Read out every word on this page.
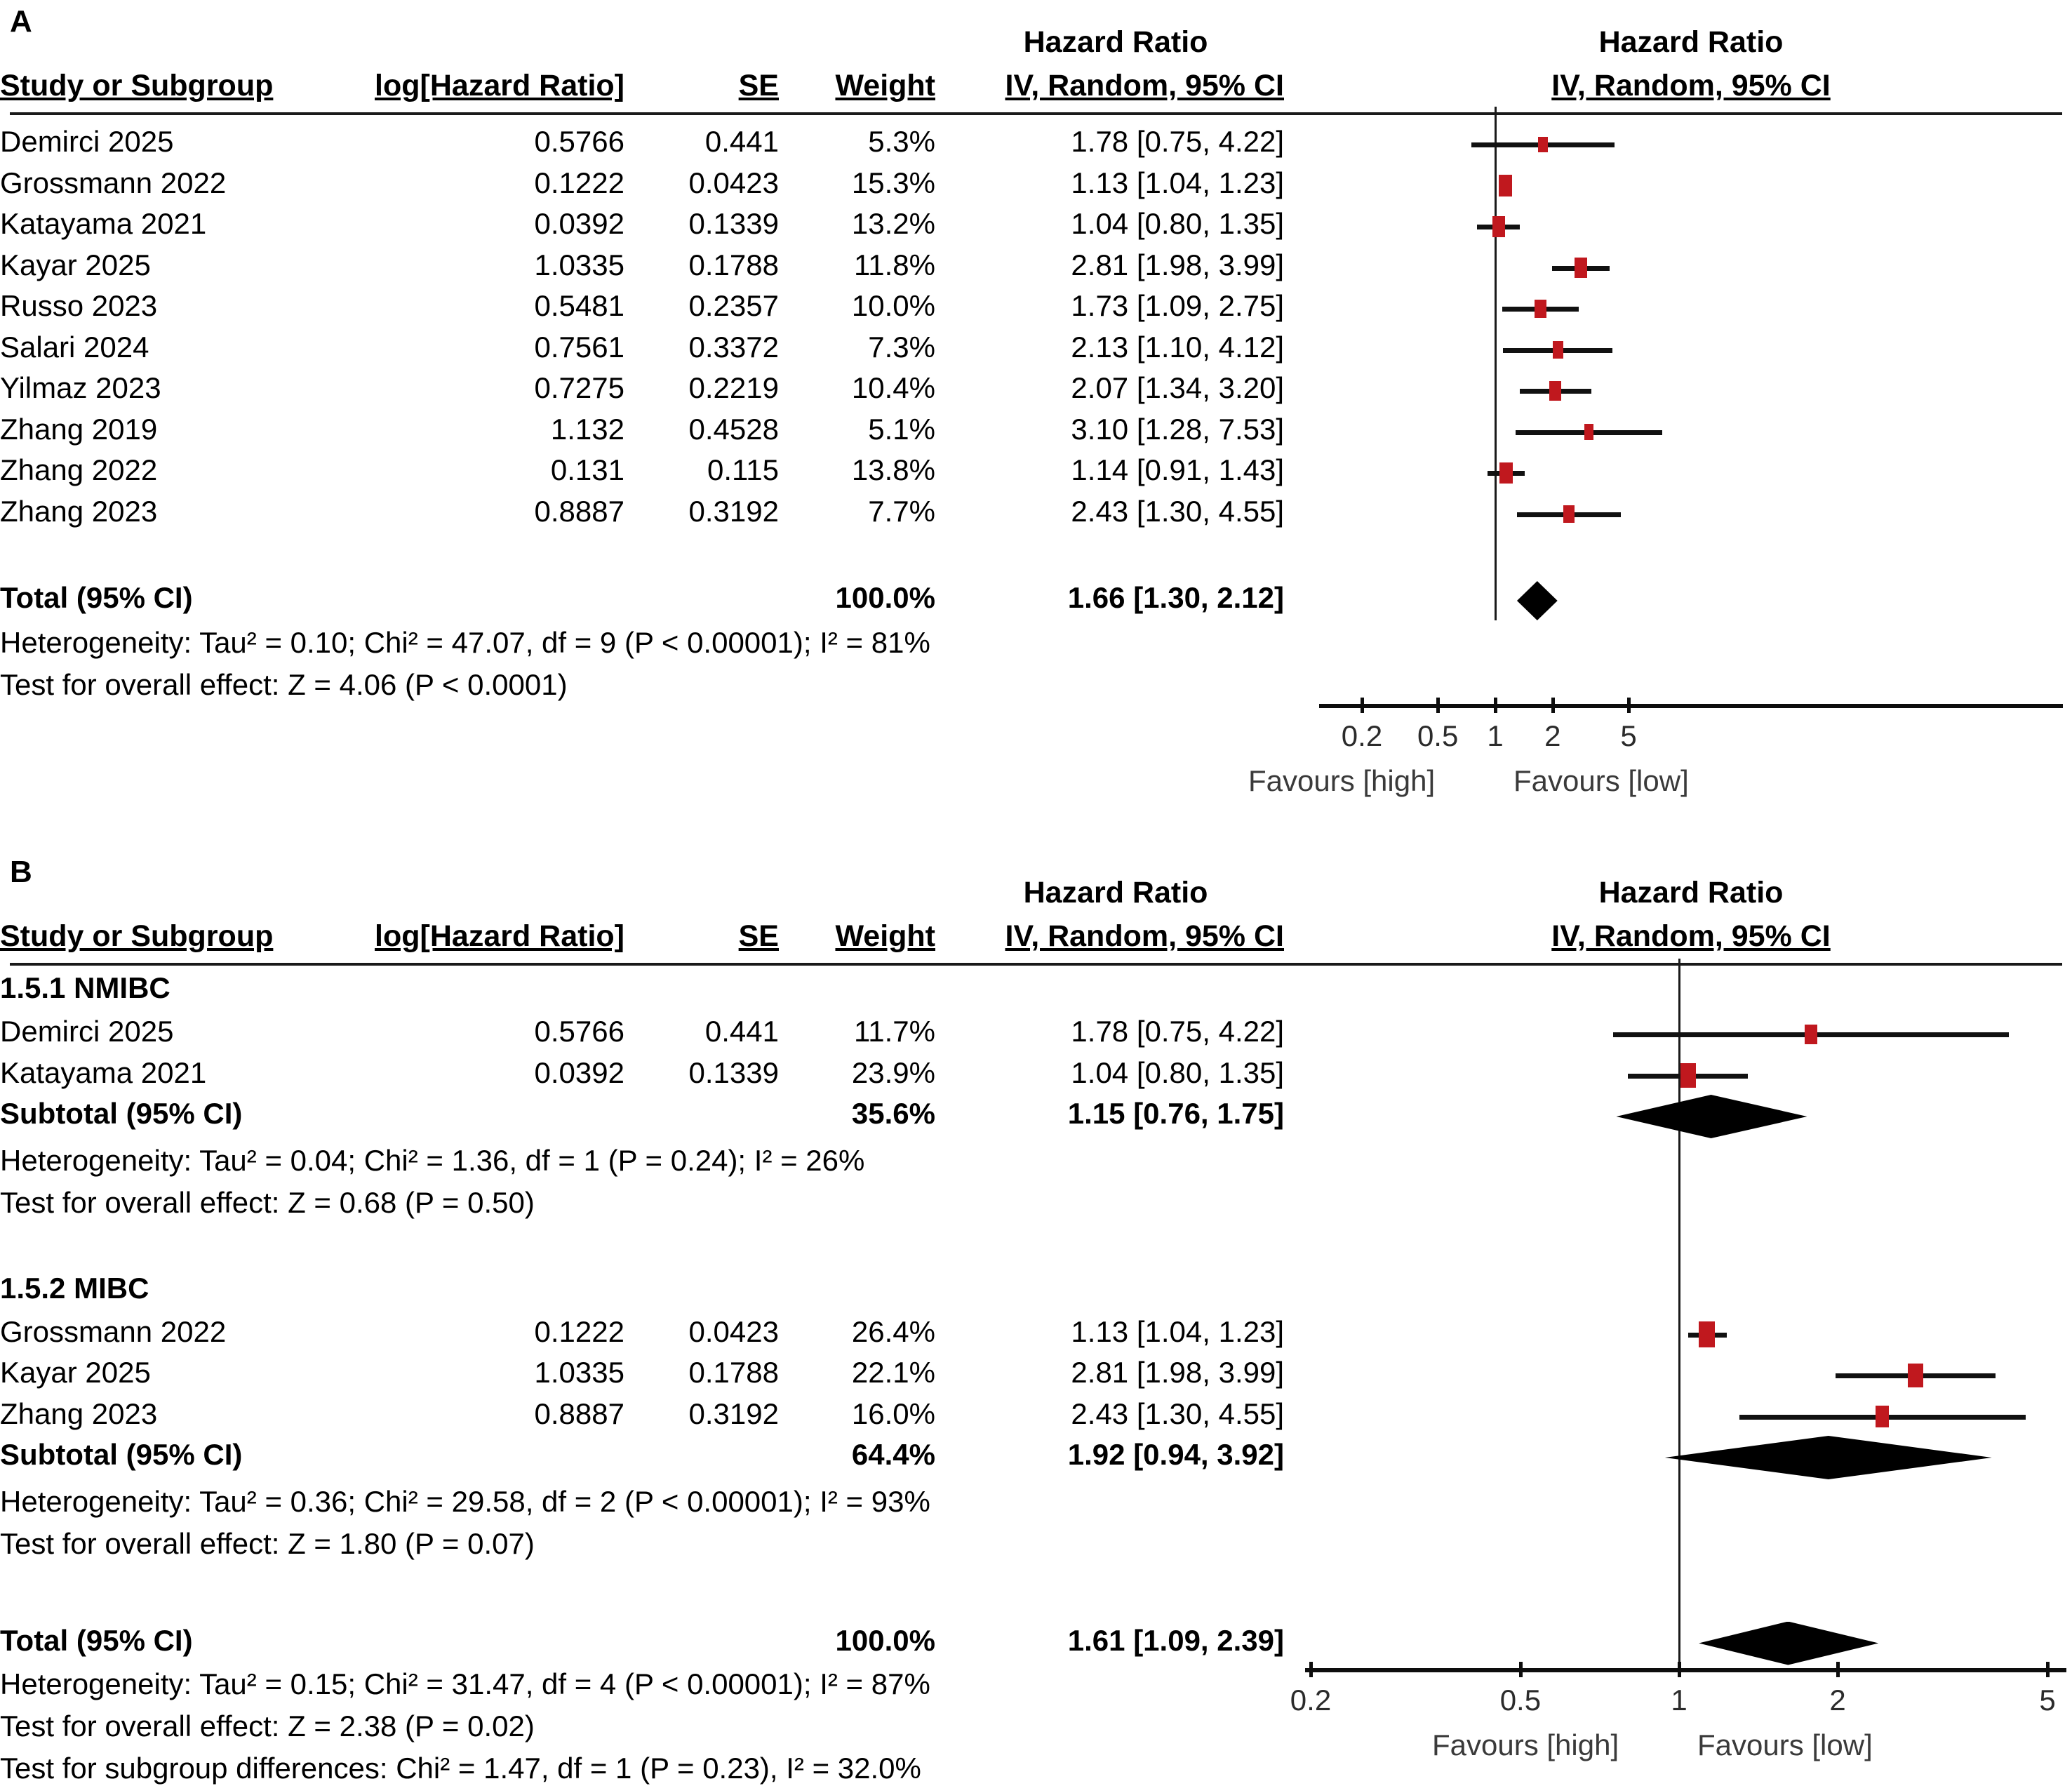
A
Hazard Ratio
Study or Subgroup	log[Hazard Ratio]	SE	Weight	IV, Random, 95% CI
Hazard Ratio
IV, Random, 95% CI
Demirci 2025	0.5766	0.441	5.3%	1.78 [0.75, 4.22]
Grossmann 2022	0.1222	0.0423	15.3%	1.13 [1.04, 1.23]
Katayama 2021	0.0392	0.1339	13.2%	1.04 [0.80, 1.35]
Kayar 2025	1.0335	0.1788	11.8%	2.81 [1.98, 3.99]
Russo 2023	0.5481	0.2357	10.0%	1.73 [1.09, 2.75]
Salari 2024	0.7561	0.3372	7.3%	2.13 [1.10, 4.12]
Yilmaz 2023	0.7275	0.2219	10.4%	2.07 [1.34, 3.20]
Zhang 2019	1.132	0.4528	5.1%	3.10 [1.28, 7.53]
Zhang 2022	0.131	0.115	13.8%	1.14 [0.91, 1.43]
Zhang 2023	0.8887	0.3192	7.7%	2.43 [1.30, 4.55]
Total (95% CI)	100.0%	1.66 [1.30, 2.12]
Heterogeneity: Tau² = 0.10; Chi² = 47.07, df = 9 (P < 0.00001); I² = 81%
Test for overall effect: Z = 4.06 (P < 0.0001)
0.2	0.5 1	2	5
Favours [high]	Favours [low]
B
Hazard Ratio
Study or Subgroup	log[Hazard Ratio]	SE	Weight	IV, Random, 95% CI
Hazard Ratio
IV, Random, 95% CI
1.5.1 NMIBC
Demirci 2025	0.5766	0.441	11.7%	1.78 [0.75, 4.22]
Katayama 2021	0.0392	0.1339	23.9%	1.04 [0.80, 1.35]
Subtotal (95% CI)	35.6%	1.15 [0.76, 1.75]
Heterogeneity: Tau² = 0.04; Chi² = 1.36, df = 1 (P = 0.24); I² = 26%
Test for overall effect: Z = 0.68 (P = 0.50)
1.5.2 MIBC
Grossmann 2022	0.1222	0.0423	26.4%	1.13 [1.04, 1.23]
Kayar 2025	1.0335	0.1788	22.1%	2.81 [1.98, 3.99]
Zhang 2023	0.8887	0.3192	16.0%	2.43 [1.30, 4.55]
Subtotal (95% CI)	64.4%	1.92 [0.94, 3.92]
Heterogeneity: Tau² = 0.36; Chi² = 29.58, df = 2 (P < 0.00001); I² = 93%
Test for overall effect: Z = 1.80 (P = 0.07)
Total (95% CI)	100.0%	1.61 [1.09, 2.39]
Heterogeneity: Tau² = 0.15; Chi² = 31.47, df = 4 (P < 0.00001); I² = 87%
Test for overall effect: Z = 2.38 (P = 0.02)
Test for subgroup differences: Chi² = 1.47, df = 1 (P = 0.23), I² = 32.0%
0.2	0.5	1	2	5
Favours [high]	Favours [low]
